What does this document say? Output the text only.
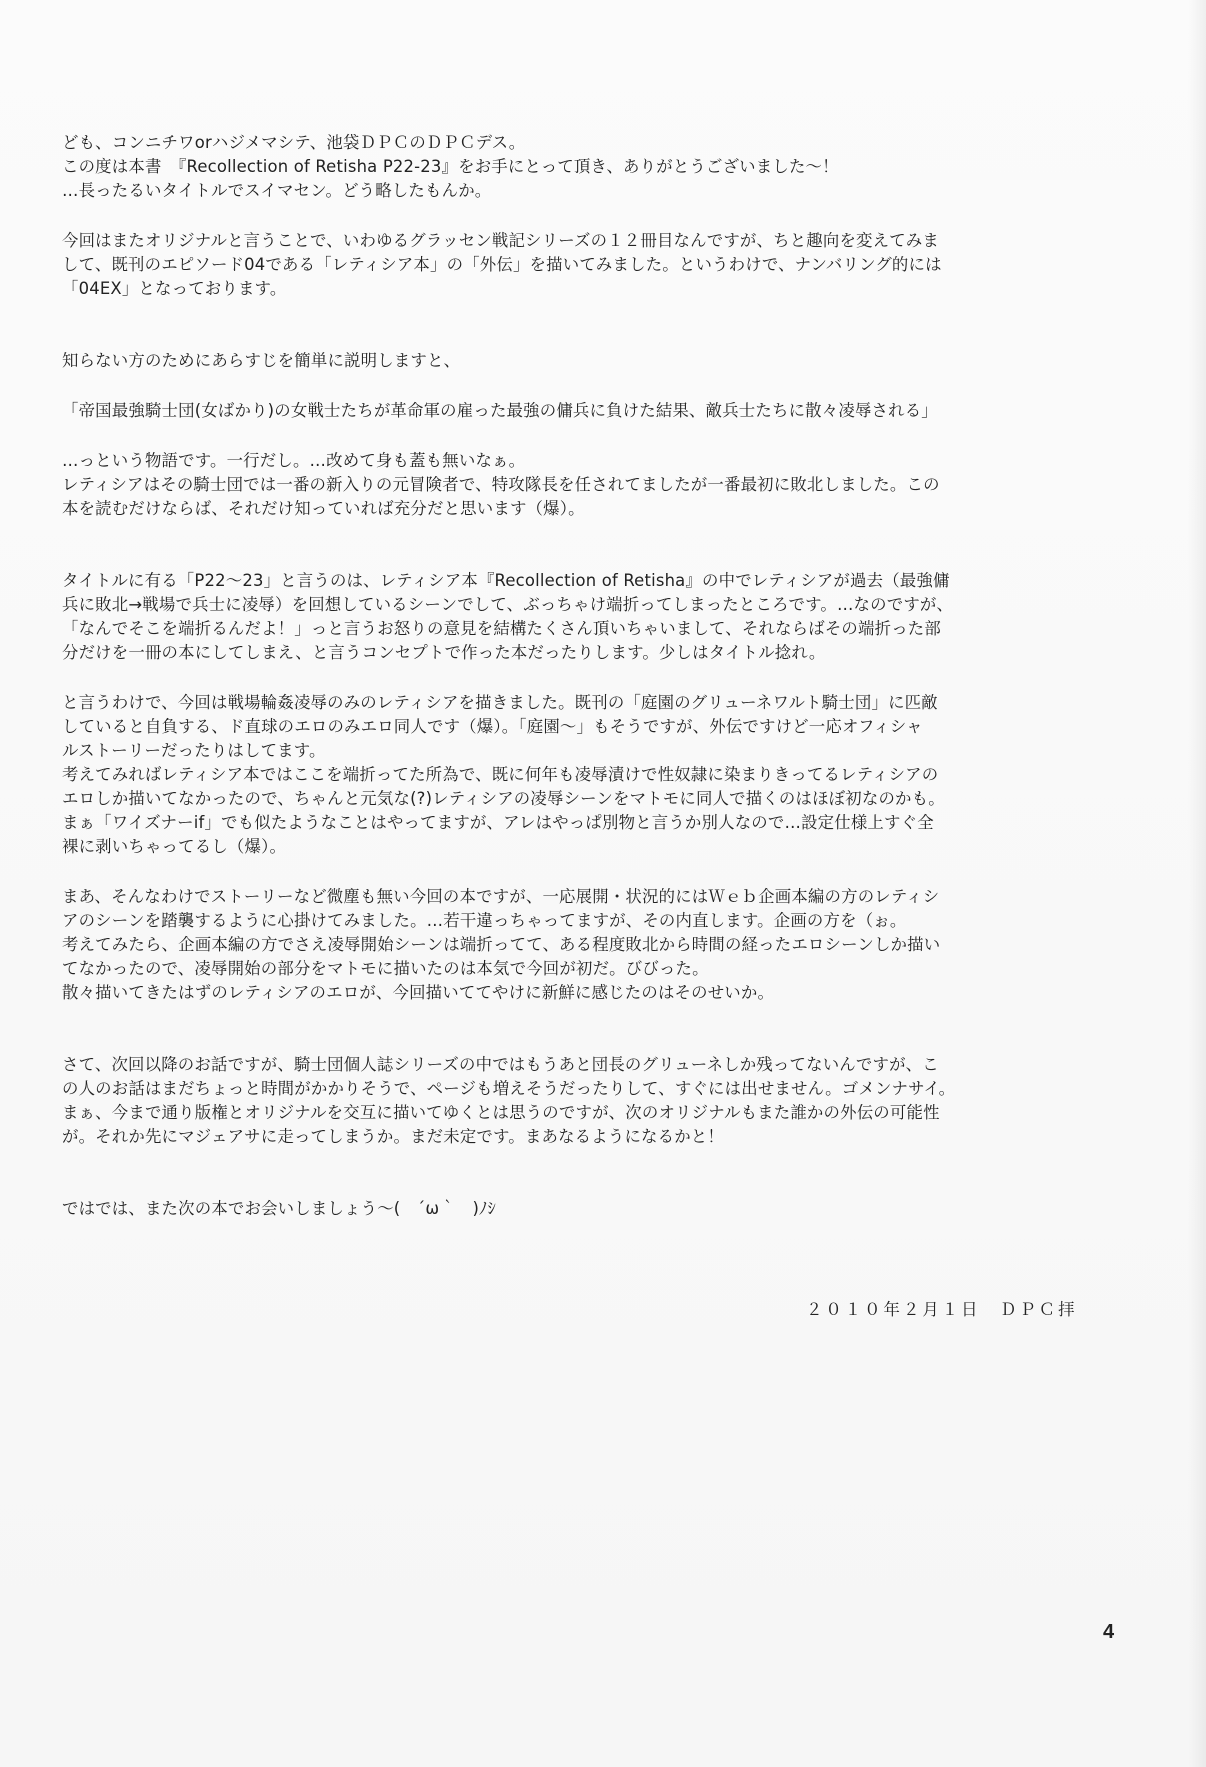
ども、コンニチワorハジメマシテ、池袋ＤＰＣのＤＰＣデス。
この度は本書　『Recollection of Retisha P22-23』をお手にとって頂き、ありがとうございました～！
…長ったるいタイトルでスイマセン。どう略したもんか。

今回はまたオリジナルと言うことで、いわゆるグラッセン戦記シリーズの１２冊目なんですが、ちと趣向を変えてみま
して、既刊のエピソード04である「レティシア本」の「外伝」を描いてみました。というわけで、ナンバリング的には
「04EX」となっております。

知らない方のためにあらすじを簡単に説明しますと、

「帝国最強騎士団(女ばかり)の女戦士たちが革命軍の雇った最強の傭兵に負けた結果、敵兵士たちに散々凌辱される」

…っという物語です。一行だし。…改めて身も蓋も無いなぁ。
レティシアはその騎士団では一番の新入りの元冒険者で、特攻隊長を任されてましたが一番最初に敗北しました。この
本を読むだけならば、それだけ知っていれば充分だと思います（爆）。

タイトルに有る「P22～23」と言うのは、レティシア本『Recollection of Retisha』の中でレティシアが過去（最強傭
兵に敗北→戦場で兵士に凌辱）を回想しているシーンでして、ぶっちゃけ端折ってしまったところです。…なのですが、
「なんでそこを端折るんだよ！」っと言うお怒りの意見を結構たくさん頂いちゃいまして、それならばその端折った部
分だけを一冊の本にしてしまえ、と言うコンセプトで作った本だったりします。少しはタイトル捻れ。

と言うわけで、今回は戦場輪姦凌辱のみのレティシアを描きました。既刊の「庭園のグリューネワルト騎士団」に匹敵
していると自負する、ド直球のエロのみエロ同人です（爆）。「庭園～」もそうですが、外伝ですけど一応オフィシャ
ルストーリーだったりはしてます。
考えてみればレティシア本ではここを端折ってた所為で、既に何年も凌辱漬けで性奴隷に染まりきってるレティシアの
エロしか描いてなかったので、ちゃんと元気な(?)レティシアの凌辱シーンをマトモに同人で描くのはほぼ初なのかも。
まぁ「ワイズナーif」でも似たようなことはやってますが、アレはやっぱ別物と言うか別人なので…設定仕様上すぐ全
裸に剥いちゃってるし（爆）。

まあ、そんなわけでストーリーなど微塵も無い今回の本ですが、一応展開・状況的にはＷｅｂ企画本編の方のレティシ
アのシーンを踏襲するように心掛けてみました。…若干違っちゃってますが、その内直します。企画の方を（ぉ。
考えてみたら、企画本編の方でさえ凌辱開始シーンは端折ってて、ある程度敗北から時間の経ったエロシーンしか描い
てなかったので、凌辱開始の部分をマトモに描いたのは本気で今回が初だ。びびった。
散々描いてきたはずのレティシアのエロが、今回描いててやけに新鮮に感じたのはそのせいか。

さて、次回以降のお話ですが、騎士団個人誌シリーズの中ではもうあと団長のグリューネしか残ってないんですが、こ
の人のお話はまだちょっと時間がかかりそうで、ページも増えそうだったりして、すぐには出せません。ゴメンナサイ。
まぁ、今まで通り版権とオリジナルを交互に描いてゆくとは思うのですが、次のオリジナルもまた誰かの外伝の可能性
が。それか先にマジェアサに走ってしまうか。まだ未定です。まあなるようになるかと！

ではでは、また次の本でお会いしましょう～(　´ω｀　)ﾉｼ

２０１０年２月１日　ＤＰＣ拝
4
